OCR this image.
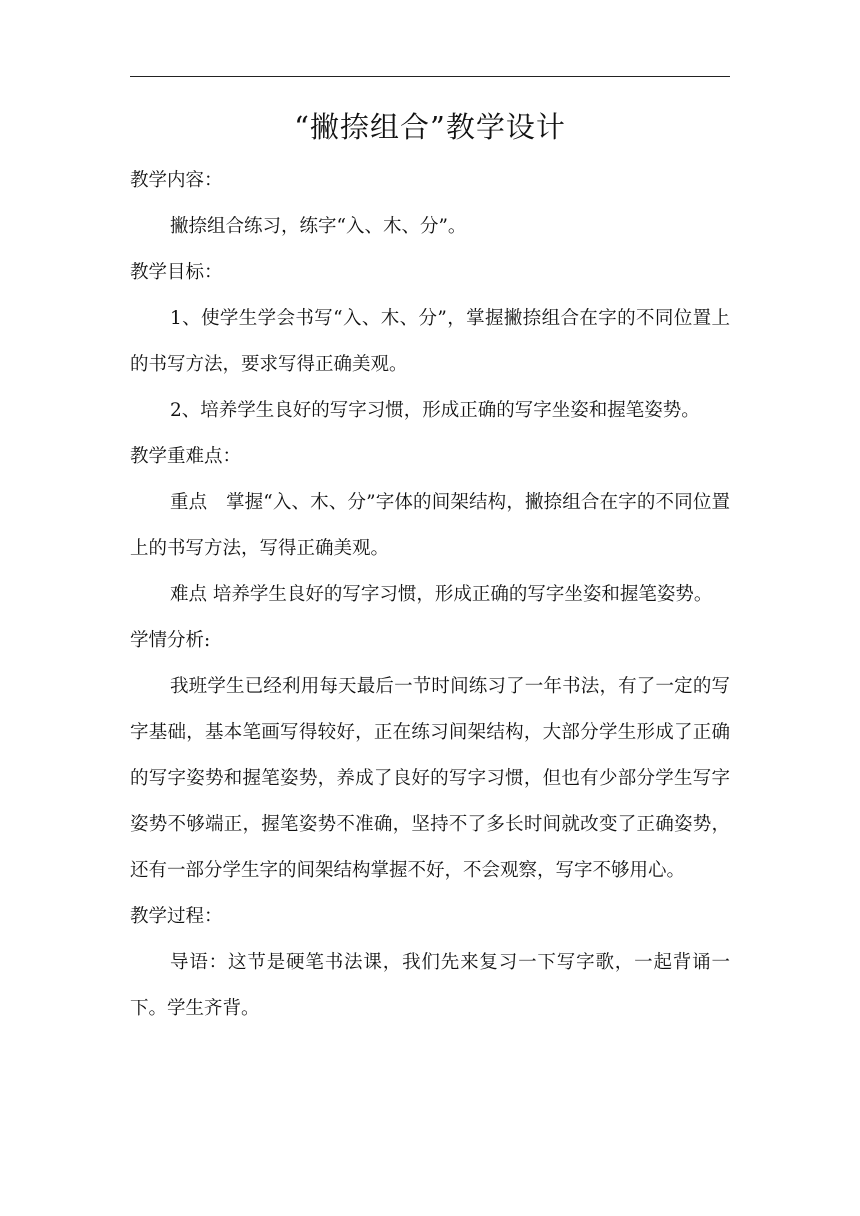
“撇捺组合”教学设计

教学内容：

撇捺组合练习，练字“入、木、分”。

教学目标：

1、使学生学会书写“入、木、分”，掌握撇捺组合在字的不同位置上的书写方法，要求写得正确美观。

2、培养学生良好的写字习惯，形成正确的写字坐姿和握笔姿势。

教学重难点：

重点　掌握“入、木、分”字体的间架结构，撇捺组合在字的不同位置上的书写方法，写得正确美观。

难点 培养学生良好的写字习惯，形成正确的写字坐姿和握笔姿势。

学情分析:

我班学生已经利用每天最后一节时间练习了一年书法，有了一定的写字基础，基本笔画写得较好，正在练习间架结构，大部分学生形成了正确的写字姿势和握笔姿势，养成了良好的写字习惯，但也有少部分学生写字姿势不够端正，握笔姿势不准确，坚持不了多长时间就改变了正确姿势，还有一部分学生字的间架结构掌握不好，不会观察，写字不够用心。

教学过程：

导语：这节是硬笔书法课，我们先来复习一下写字歌，一起背诵一下。学生齐背。
